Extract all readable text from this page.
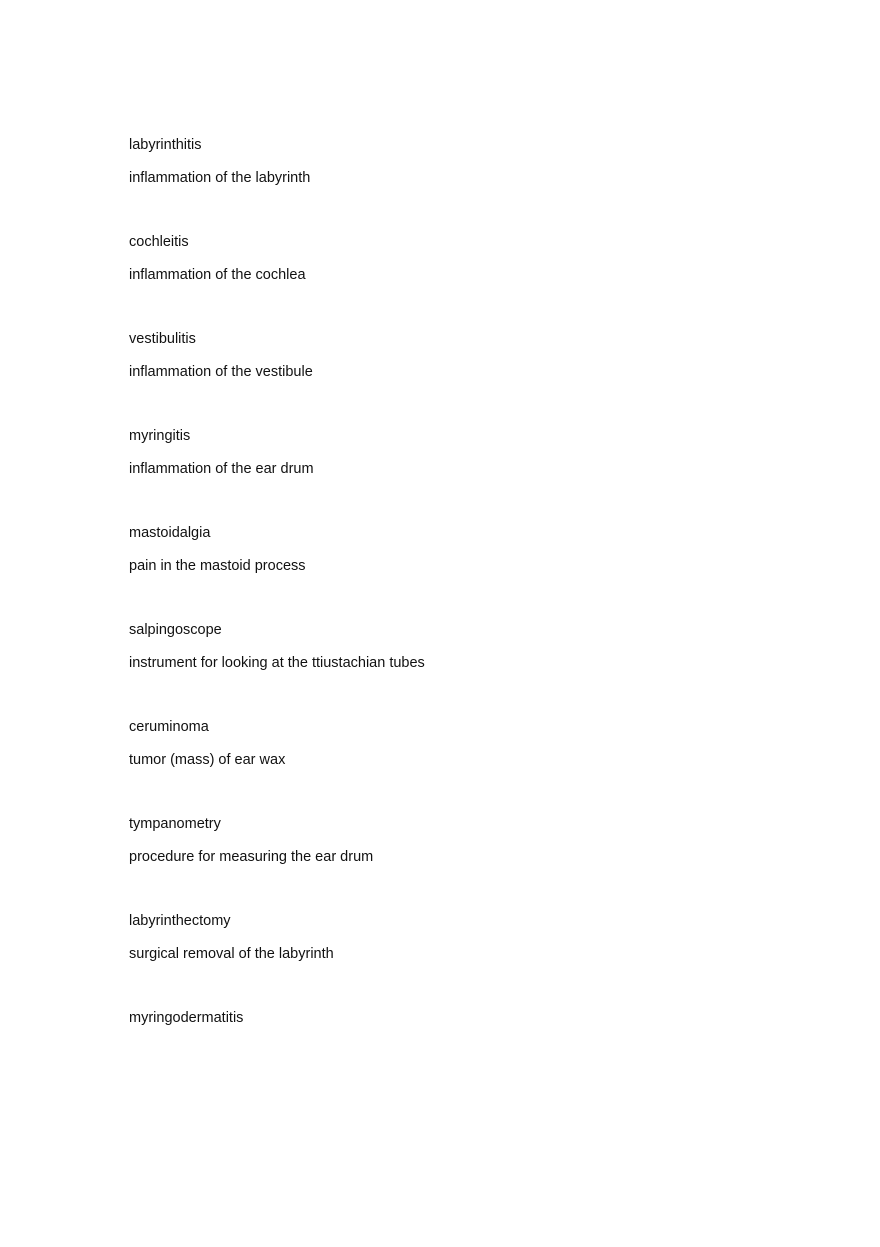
labyrinthitis
inflammation of the labyrinth
cochleitis
inflammation of the cochlea
vestibulitis
inflammation of the vestibule
myringitis
inflammation of the ear drum
mastoidalgia
pain in the mastoid process
salpingoscope
instrument for looking at the ttiustachian tubes
ceruminoma
tumor (mass) of ear wax
tympanometry
procedure for measuring the ear drum
labyrinthectomy
surgical removal of the labyrinth
myringodermatitis
